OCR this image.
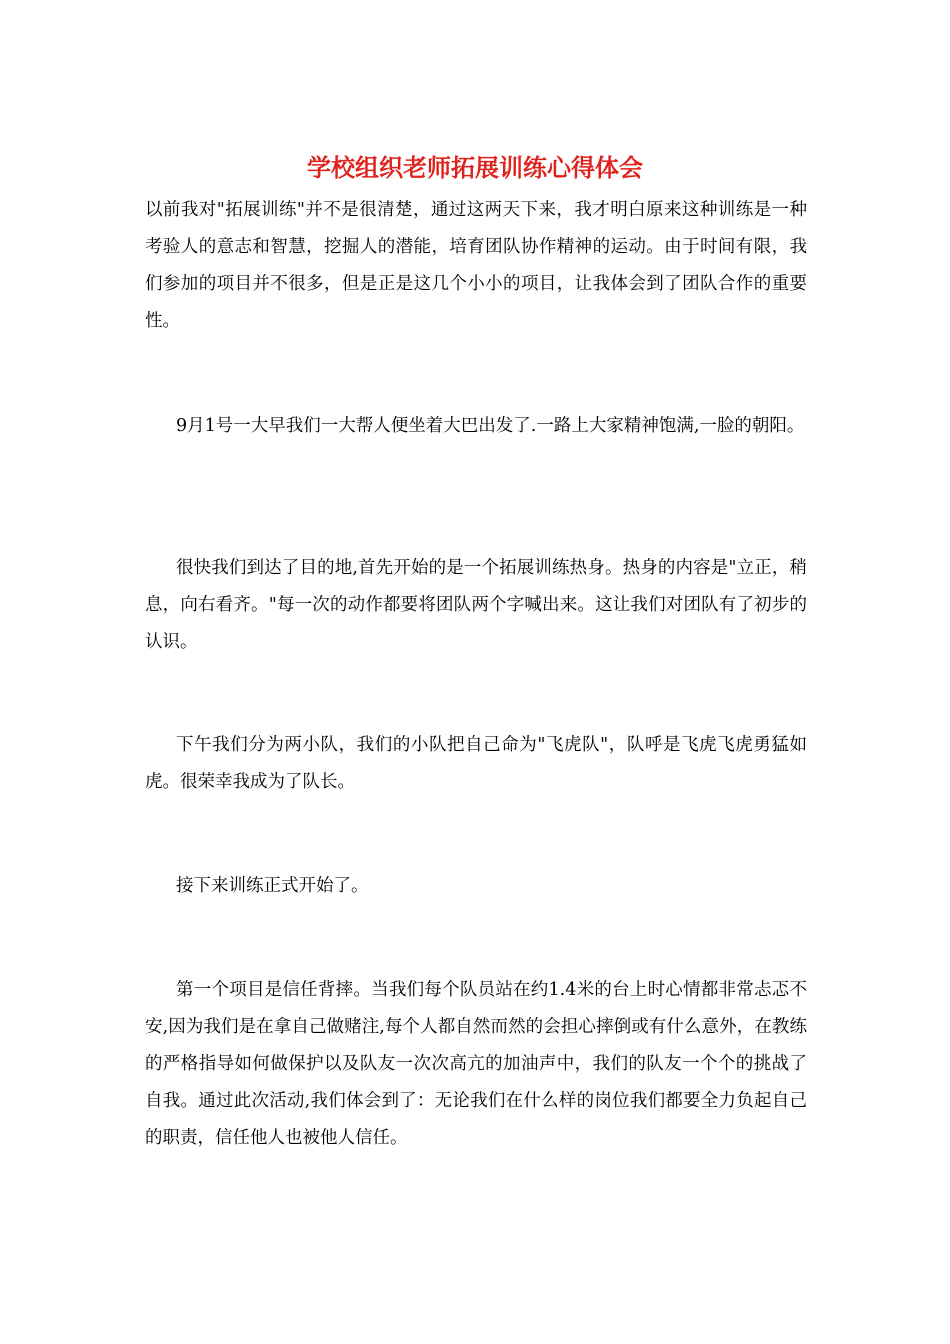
学校组织老师拓展训练心得体会

以前我对"拓展训练"并不是很清楚，通过这两天下来，我才明白原来这种训练是一种考验人的意志和智慧，挖掘人的潜能，培育团队协作精神的运动。由于时间有限，我们参加的项目并不很多，但是正是这几个小小的项目，让我体会到了团队合作的重要性。

9月1号一大早我们一大帮人便坐着大巴出发了.一路上大家精神饱满,一脸的朝阳。

很快我们到达了目的地,首先开始的是一个拓展训练热身。热身的内容是"立正，稍息，向右看齐。"每一次的动作都要将团队两个字喊出来。这让我们对团队有了初步的认识。

下午我们分为两小队，我们的小队把自己命为"飞虎队"，队呼是飞虎飞虎勇猛如虎。很荣幸我成为了队长。

接下来训练正式开始了。

第一个项目是信任背摔。当我们每个队员站在约1.4米的台上时心情都非常忐忑不安,因为我们是在拿自己做赌注,每个人都自然而然的会担心摔倒或有什么意外，在教练的严格指导如何做保护以及队友一次次高亢的加油声中，我们的队友一个个的挑战了自我。通过此次活动,我们体会到了：无论我们在什么样的岗位我们都要全力负起自己的职责，信任他人也被他人信任。
